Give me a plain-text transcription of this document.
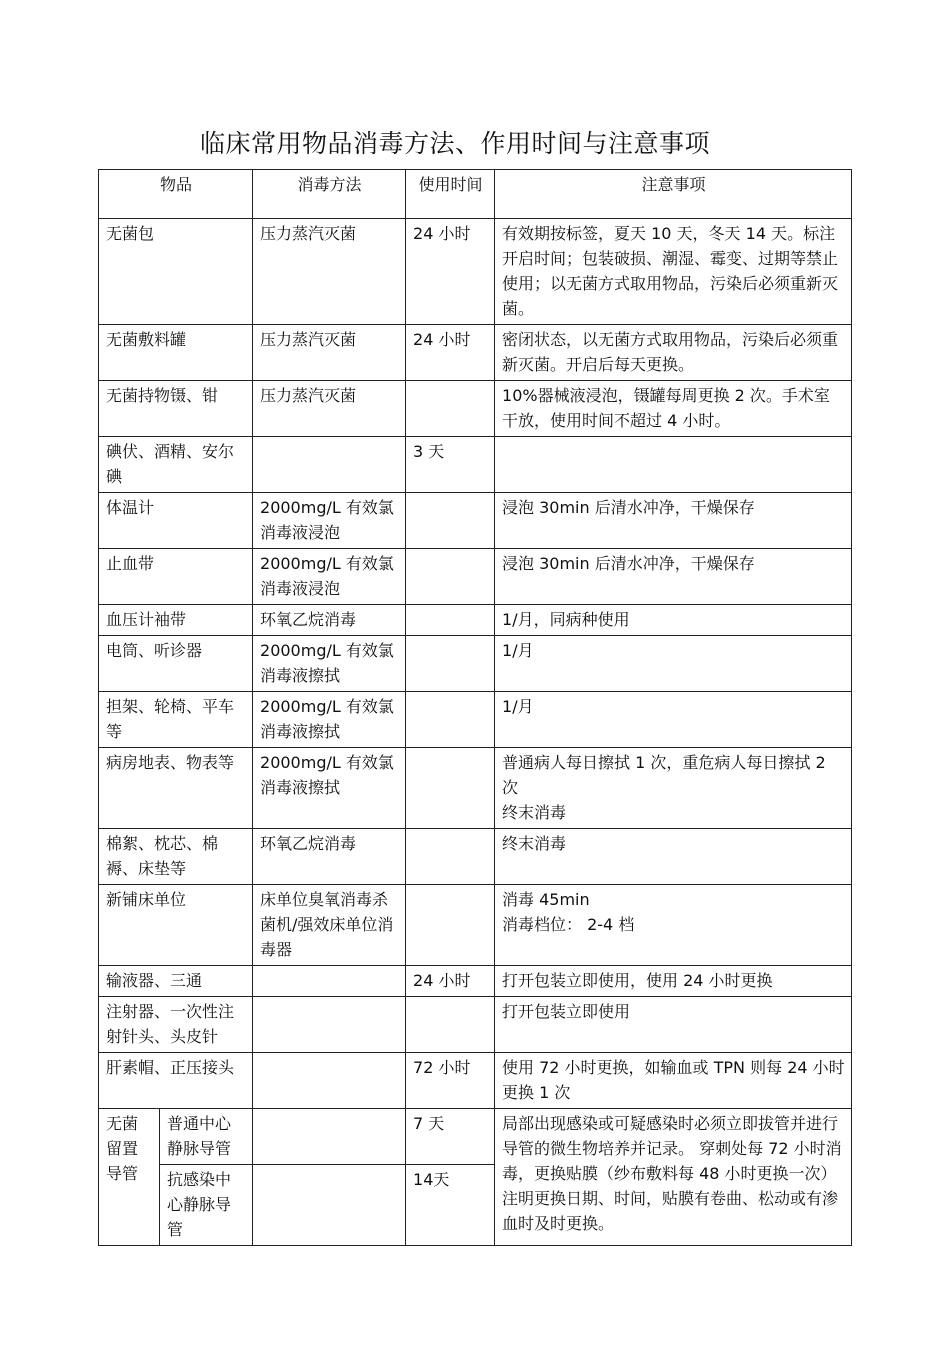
临床常用物品消毒方法、作用时间与注意事项
物品		消毒方法	使用时间	注意事项
无菌包		压力蒸汽灭菌	24 小时	有效期按标签，夏天 10 天，冬天 14 天。标注开启时间；包装破损、潮湿、霉变、过期等禁止使用；以无菌方式取用物品，污染后必须重新灭菌。

无菌敷料罐		压力蒸汽灭菌	24 小时	密闭状态，以无菌方式取用物品，污染后必须重新灭菌。开启后每天更换。

无菌持物镊、钳		压力蒸汽灭菌		10%器械液浸泡，镊罐每周更换 2 次。手术室干放，使用时间不超过 4 小时。

碘伏、酒精、安尔碘			3 天	

体温计		2000mg/L 有效氯消毒液浸泡		浸泡 30min 后清水冲净，干燥保存

止血带		2000mg/L 有效氯消毒液浸泡		浸泡 30min 后清水冲净，干燥保存

血压计袖带		环氧乙烷消毒		1/月，同病种使用

电筒、听诊器		2000mg/L 有效氯消毒液擦拭		1/月

担架、轮椅、平车等		2000mg/L 有效氯消毒液擦拭		1/月

病房地表、物表等		2000mg/L 有效氯消毒液擦拭		普通病人每日擦拭 1 次，重危病人每日擦拭 2 次
终末消毒

棉絮、枕芯、棉褥、床垫等		环氧乙烷消毒		终末消毒

新铺床单位		床单位臭氧消毒杀菌机/强效床单位消毒器		消毒 45min
消毒档位： 2-4 档

输液器、三通			24 小时	打开包装立即使用，使用 24 小时更换

注射器、一次性注射针头、头皮针				打开包装立即使用

肝素帽、正压接头			72 小时	使用 72 小时更换，如输血或 TPN 则每 24 小时更换 1 次

无菌留置导管	普通中心静脉导管		7 天	局部出现感染或可疑感染时必须立即拔管并进行导管的微生物培养并记录。 穿刺处每 72 小时消毒，更换贴膜（纱布敷料每 48 小时更换一次）注明更换日期、时间，贴膜有卷曲、松动或有渗血时及时更换。
	抗感染中心静脉导管		14天	
